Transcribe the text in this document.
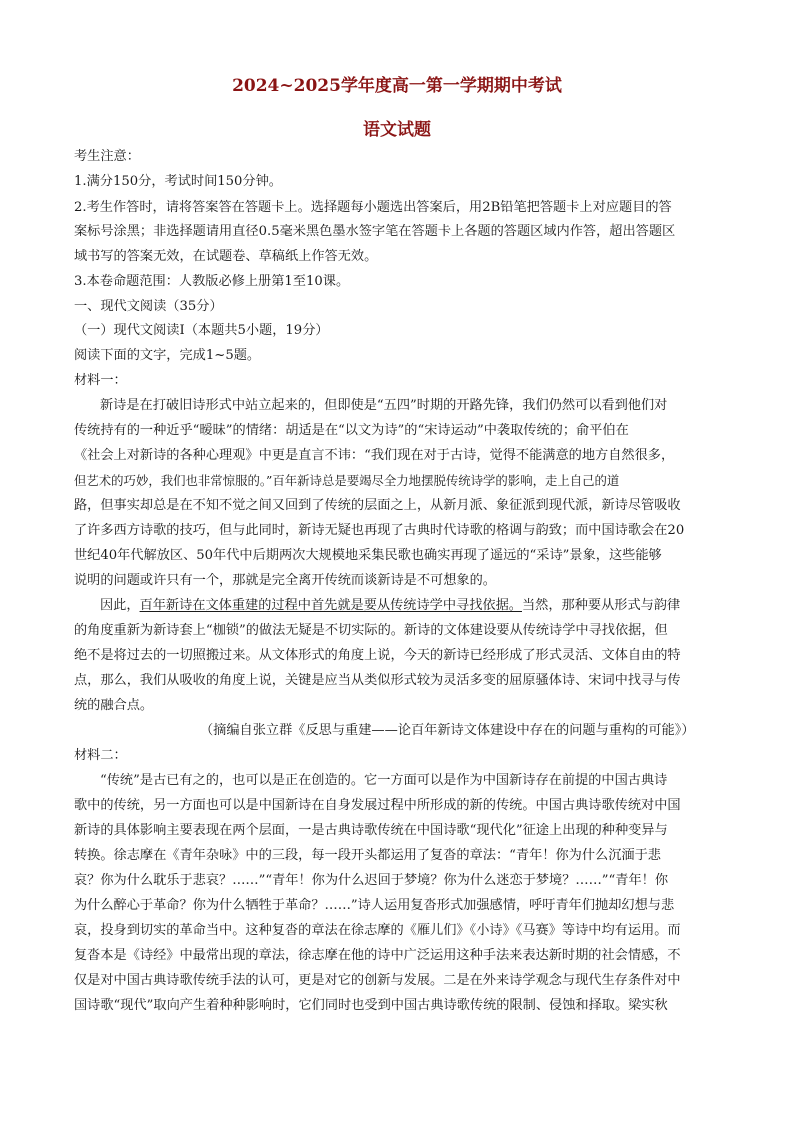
2024~2025学年度高一第一学期期中考试
语文试题

考生注意：

1.满分150分，考试时间150分钟。

2.考生作答时，请将答案答在答题卡上。选择题每小题选出答案后，用2B铅笔把答题卡上对应题目的答

案标号涂黑；非选择题请用直径0.5毫米黑色墨水签字笔在答题卡上各题的答题区域内作答，超出答题区

域书写的答案无效，在试题卷、草稿纸上作答无效。

3.本卷命题范围：人教版必修上册第1至10课。

一、现代文阅读（35分）

（一）现代文阅读Ⅰ（本题共5小题，19分）

阅读下面的文字，完成1~5题。

材料一：

新诗是在打破旧诗形式中站立起来的，但即使是“五四”时期的开路先锋，我们仍然可以看到他们对

传统持有的一种近乎“暧昧”的情绪：胡适是在“以文为诗”的“宋诗运动”中袭取传统的；俞平伯在

《社会上对新诗的各种心理观》中更是直言不讳：“我们现在对于古诗，觉得不能满意的地方自然很多，

但艺术的巧妙，我们也非常惊服的。”百年新诗总是要竭尽全力地摆脱传统诗学的影响，走上自己的道

路，但事实却总是在不知不觉之间又回到了传统的层面之上，从新月派、象征派到现代派，新诗尽管吸收

了许多西方诗歌的技巧，但与此同时，新诗无疑也再现了古典时代诗歌的格调与韵致；而中国诗歌会在20

世纪40年代解放区、50年代中后期两次大规模地采集民歌也确实再现了遥远的“采诗”景象，这些能够

说明的问题或许只有一个，那就是完全离开传统而谈新诗是不可想象的。

因此，百年新诗在文体重建的过程中首先就是要从传统诗学中寻找依据。当然，那种要从形式与韵律

的角度重新为新诗套上“枷锁”的做法无疑是不切实际的。新诗的文体建设要从传统诗学中寻找依据，但

绝不是将过去的一切照搬过来。从文体形式的角度上说，今天的新诗已经形成了形式灵活、文体自由的特

点，那么，我们从吸收的角度上说，关键是应当从类似形式较为灵活多变的屈原骚体诗、宋词中找寻与传

统的融合点。

（摘编自张立群《反思与重建——论百年新诗文体建设中存在的问题与重构的可能》）

材料二：

“传统”是古已有之的，也可以是正在创造的。它一方面可以是作为中国新诗存在前提的中国古典诗

歌中的传统，另一方面也可以是中国新诗在自身发展过程中所形成的新的传统。中国古典诗歌传统对中国

新诗的具体影响主要表现在两个层面，一是古典诗歌传统在中国诗歌“现代化”征途上出现的种种变异与

转换。徐志摩在《青年杂咏》中的三段，每一段开头都运用了复沓的章法：“青年！你为什么沉湎于悲

哀？你为什么耽乐于悲哀？……”“青年！你为什么迟回于梦境？你为什么迷恋于梦境？……”“青年！你

为什么醉心于革命？你为什么牺牲于革命？……”诗人运用复沓形式加强感情，呼吁青年们抛却幻想与悲

哀，投身到切实的革命当中。这种复沓的章法在徐志摩的《雁儿们》《小诗》《马赛》等诗中均有运用。而

复沓本是《诗经》中最常出现的章法，徐志摩在他的诗中广泛运用这种手法来表达新时期的社会情感，不

仅是对中国古典诗歌传统手法的认可，更是对它的创新与发展。二是在外来诗学观念与现代生存条件对中

国诗歌“现代”取向产生着种种影响时，它们同时也受到中国古典诗歌传统的限制、侵蚀和择取。梁实秋
